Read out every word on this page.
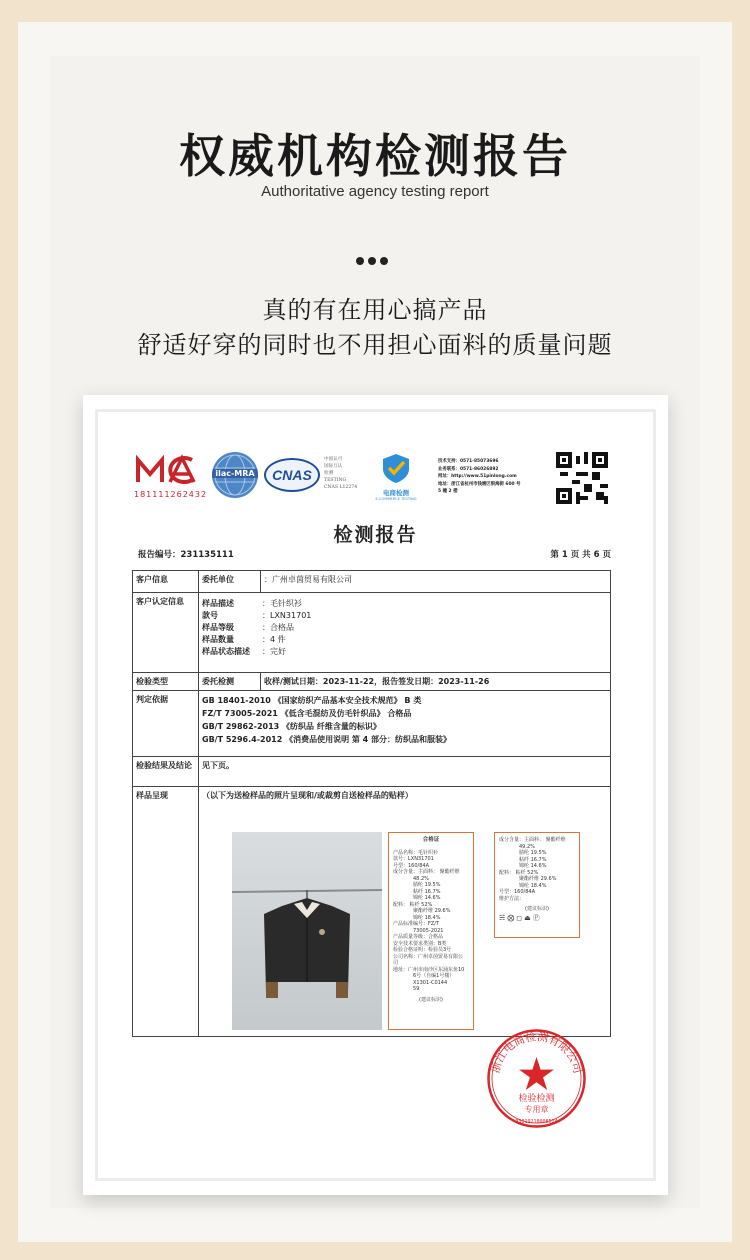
权威机构检测报告
Authoritative agency testing report
真的有在用心搞产品
舒适好穿的同时也不用担心面料的质量问题
181111262432
ilac-MRA	CNAS
中国认可
国际互认
检测
TESTING
CNAS L12274
电商检测
E-COMMERCE TESTING
技术支持：0571-85073696
业务联系：0571-86026892
网址：http://www.51pinlong.com
地址：浙江省杭州市钱塘区银海街 600 号
5 幢 2 楼
检测报告
报告编号：231135111	第 1 页 共 6 页
客户信息	委托单位	：广州卓茵贸易有限公司
客户认定信息	样品描述 ：毛针织衫
款号 ：LXN31701
样品等级 ：合格品
样品数量 ：4 件
样品状态描述 ：完好	

检验类型	委托检测	收样/测试日期：2023-11-22，报告签发日期：2023-11-26
判定依据	GB 18401-2010 《国家纺织产品基本安全技术规范》 B 类
FZ/T 73005-2021 《低含毛混纺及仿毛针织品》 合格品
GB/T 29862-2013 《纺织品 纤维含量的标识》
GB/T 5296.4-2012 《消费品使用说明 第 4 部分：纺织品和服装》	

检验结果及结论	见下页。	
样品呈现	（以下为送检样品的照片呈现和/或裁剪自送检样品的贴样）	
合格证
产品名称：毛针织衫
款号：LXN31701
号型：160/84A
成分含量：主面料： 聚酯纤维
48.2%
腈纶 19.5%
粘纤 16.7%
锦纶 14.6%
配料： 粘纤 52%
聚酯纤维 29.6%
锦纶 18.4%
产品标准编号：FZ/T
73005-2021
产品质量等级：合格品
安全技术要求类别：B类
检验合格证明：检验员3号
公司名称：广州卓茵贸易有限公
司
地址：广州市南沙区东涌东鱼10
6号（自编1号楼）X1301-C0144
59
(建议标识)
成分含量：主面料： 聚酯纤维
49.2%
腈纶 19.5%
粘纤 16.7%
锦纶 14.6%
配料： 粘纤 52%
聚酯纤维 29.6%
锦纶 18.4%
号型：160/84A
维护方法：
(建议标识)
☵⨂◻⏏Ⓟ
浙江电商检测有限公司
检验检测
专用章
33019210008524
